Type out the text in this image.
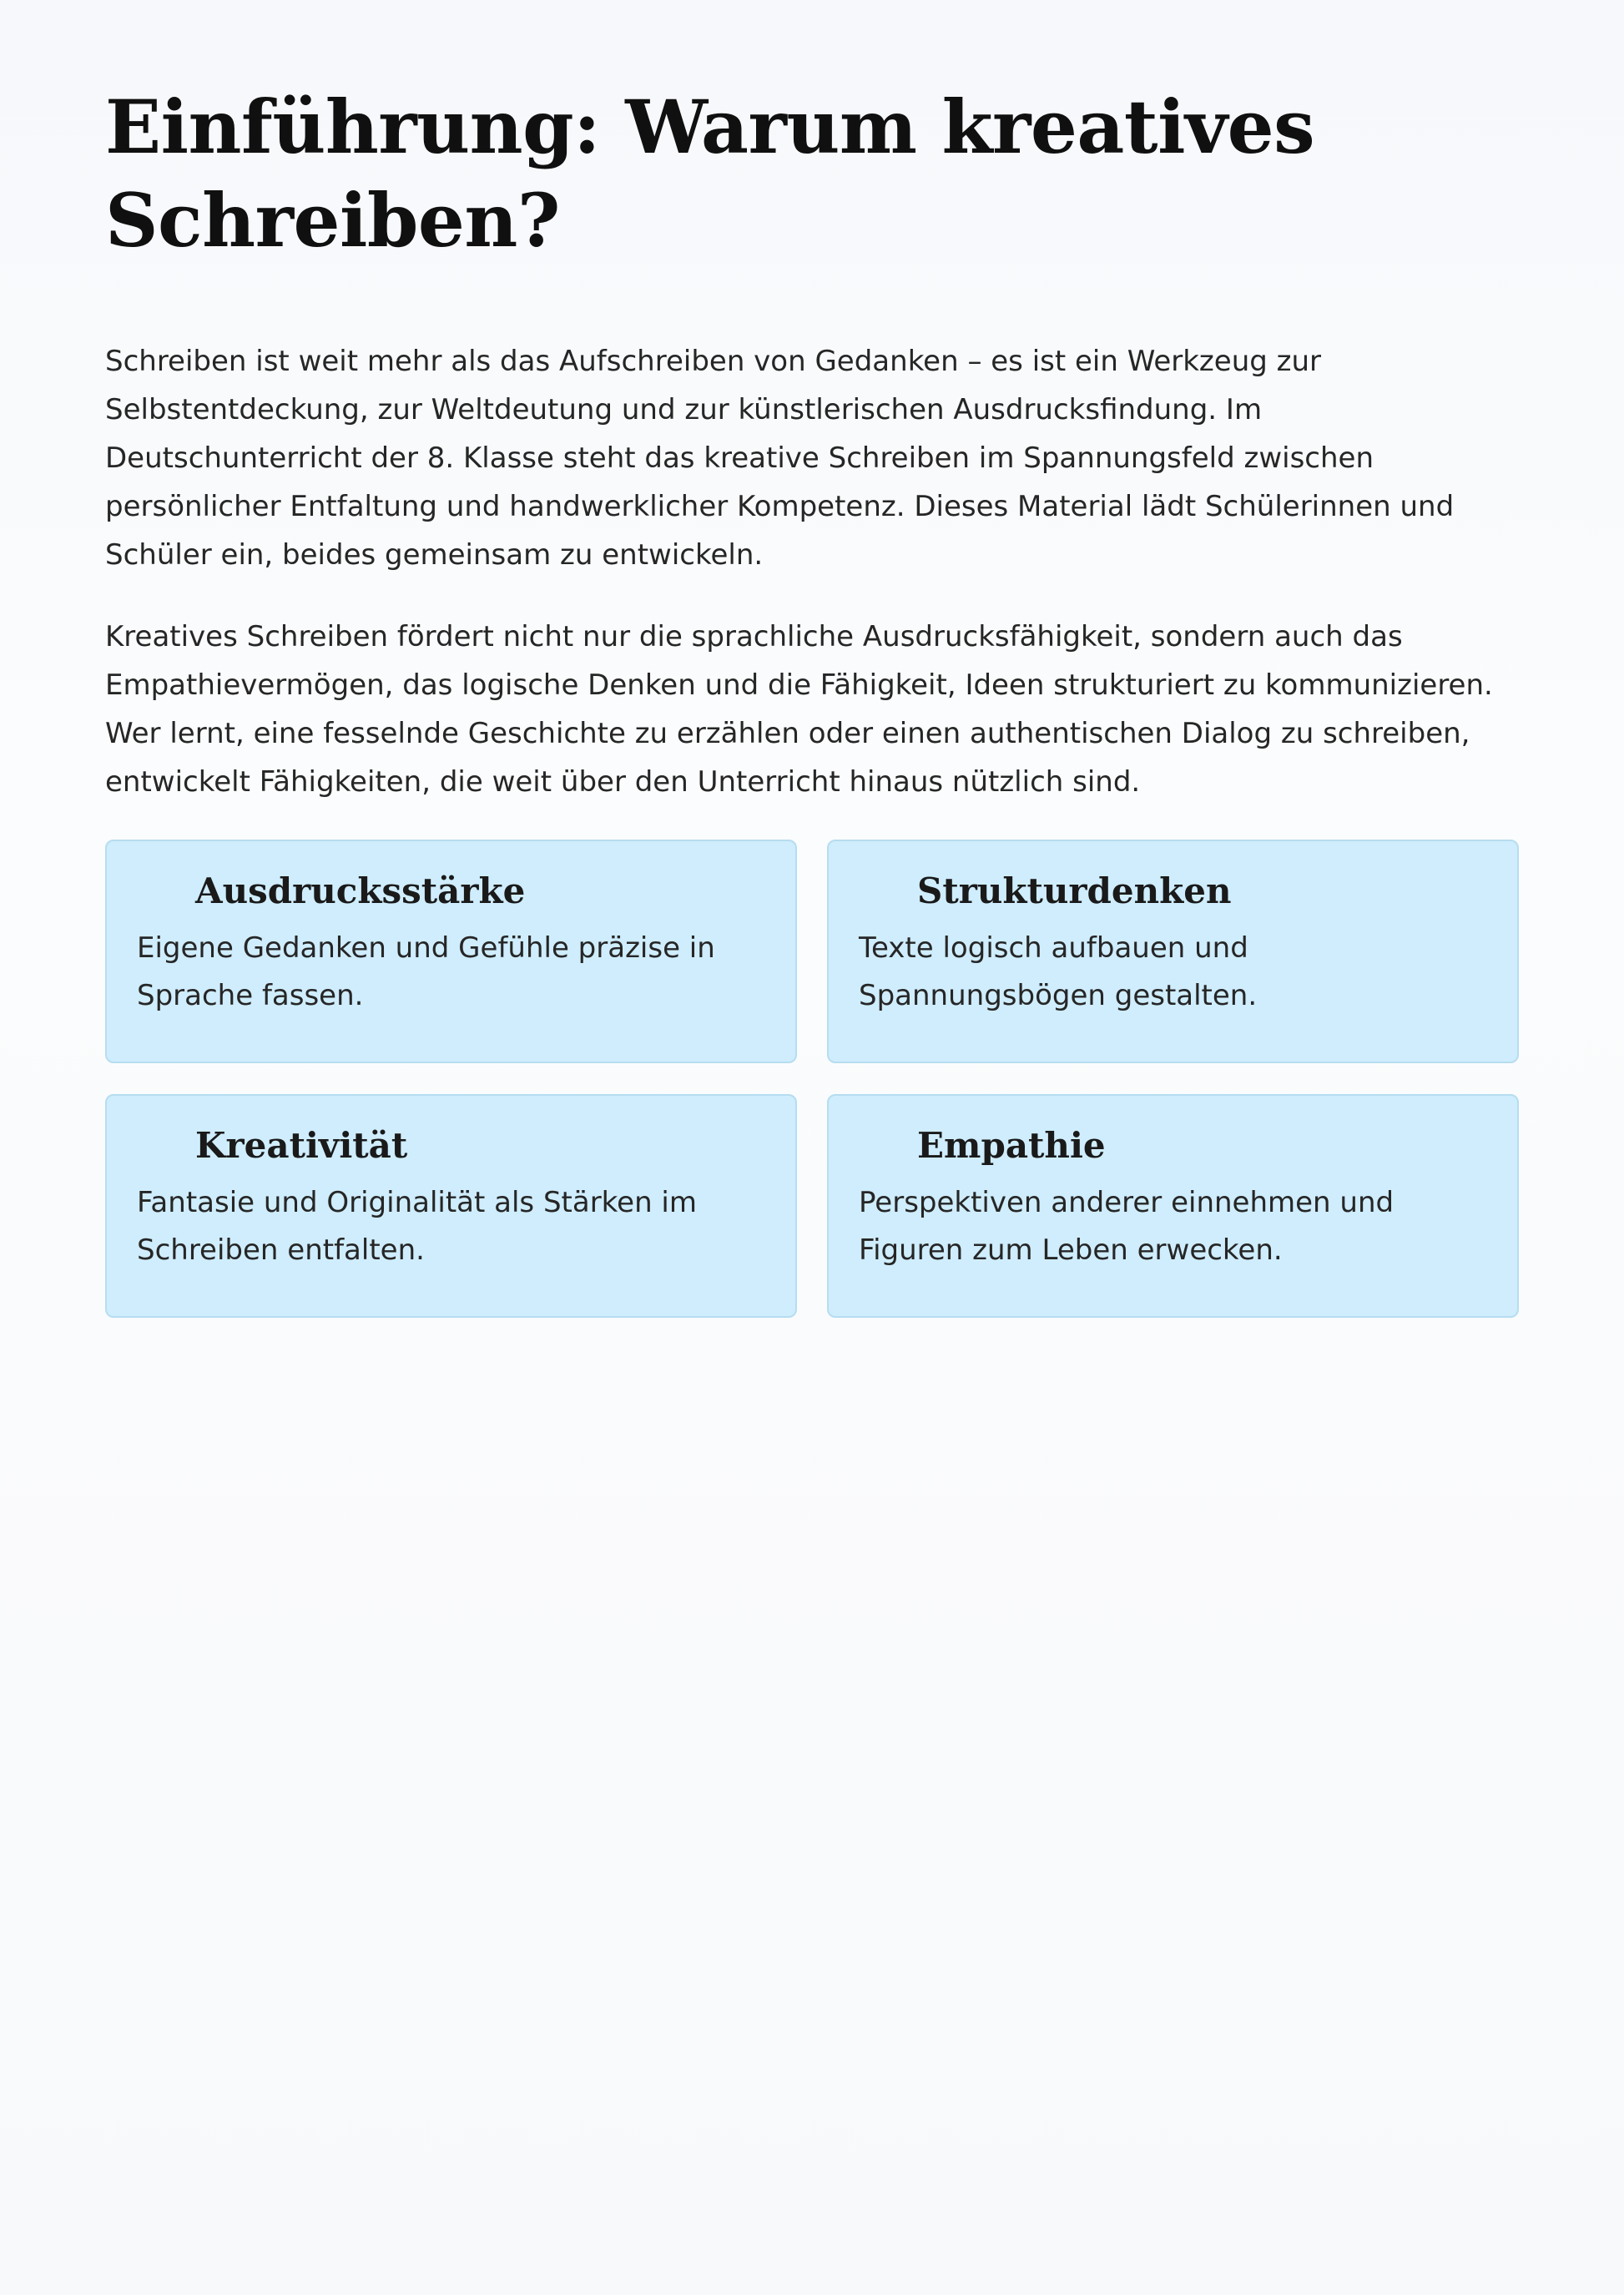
Einführung: Warum kreatives Schreiben?

Schreiben ist weit mehr als das Aufschreiben von Gedanken – es ist ein Werkzeug zur Selbstentdeckung, zur Weltdeutung und zur künstlerischen Ausdrucksfindung. Im Deutschunterricht der 8. Klasse steht das kreative Schreiben im Spannungsfeld zwischen persönlicher Entfaltung und handwerklicher Kompetenz. Dieses Material lädt Schülerinnen und Schüler ein, beides gemeinsam zu entwickeln.

Kreatives Schreiben fördert nicht nur die sprachliche Ausdrucksfähigkeit, sondern auch das Empathievermögen, das logische Denken und die Fähigkeit, Ideen strukturiert zu kommunizieren. Wer lernt, eine fesselnde Geschichte zu erzählen oder einen authentischen Dialog zu schreiben, entwickelt Fähigkeiten, die weit über den Unterricht hinaus nützlich sind.

Ausdrucksstärke

Eigene Gedanken und Gefühle präzise in Sprache fassen.

Strukturdenken

Texte logisch aufbauen und Spannungsbögen gestalten.

Kreativität

Fantasie und Originalität als Stärken im Schreiben entfalten.

Empathie

Perspektiven anderer einnehmen und Figuren zum Leben erwecken.
